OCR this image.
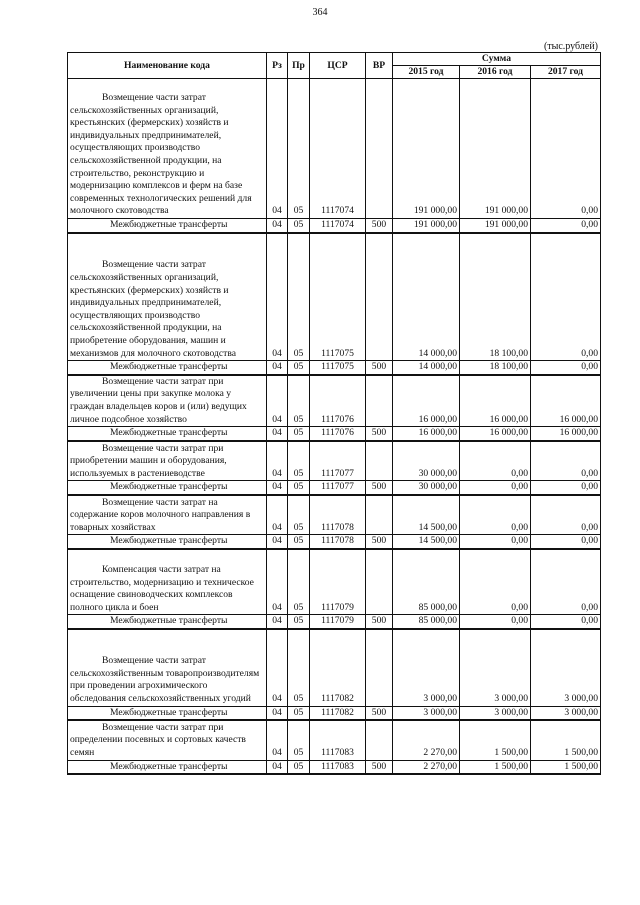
364
(тыс.рублей)
Наименование кода	Рз	Пр	ЦСР	ВР	Сумма		
					2015 год	2016 год	2017 год
Возмещение части затрат сельскохозяйственных организаций, крестьянских (фермерских) хозяйств и индивидуальных предпринимателей, осуществляющих производство сельскохозяйственной продукции, на строительство, реконструкцию и модернизацию комплексов и ферм на базе современных технологических решений для молочного скотоводства	04	05	1117074		191 000,00	191 000,00	0,00
Межбюджетные трансферты	04	05	1117074	500	191 000,00	191 000,00	0,00
Возмещение части затрат сельскохозяйственных организаций, крестьянских (фермерских) хозяйств и индивидуальных предпринимателей, осуществляющих производство сельскохозяйственной продукции, на приобретение оборудования, машин и механизмов для молочного скотоводства	04	05	1117075		14 000,00	18 100,00	0,00
Межбюджетные трансферты	04	05	1117075	500	14 000,00	18 100,00	0,00
Возмещение части затрат при увеличении цены при закупке молока у граждан владельцев коров и (или) ведущих личное подсобное хозяйство	04	05	1117076		16 000,00	16 000,00	16 000,00
Межбюджетные трансферты	04	05	1117076	500	16 000,00	16 000,00	16 000,00
Возмещение части затрат при приобретении машин и оборудования, используемых в растениеводстве	04	05	1117077		30 000,00	0,00	0,00
Межбюджетные трансферты	04	05	1117077	500	30 000,00	0,00	0,00
Возмещение части затрат на содержание коров молочного направления в товарных хозяйствах	04	05	1117078		14 500,00	0,00	0,00
Межбюджетные трансферты	04	05	1117078	500	14 500,00	0,00	0,00
Компенсация части затрат на строительство, модернизацию и техническое оснащение свиноводческих комплексов полного цикла и боен	04	05	1117079		85 000,00	0,00	0,00
Межбюджетные трансферты	04	05	1117079	500	85 000,00	0,00	0,00
Возмещение части затрат сельскохозяйственным товаропроизводителям при проведении агрохимического обследования сельскохозяйственных угодий	04	05	1117082		3 000,00	3 000,00	3 000,00
Межбюджетные трансферты	04	05	1117082	500	3 000,00	3 000,00	3 000,00
Возмещение части затрат при определении посевных и сортовых качеств семян	04	05	1117083		2 270,00	1 500,00	1 500,00
Межбюджетные трансферты	04	05	1117083	500	2 270,00	1 500,00	1 500,00
